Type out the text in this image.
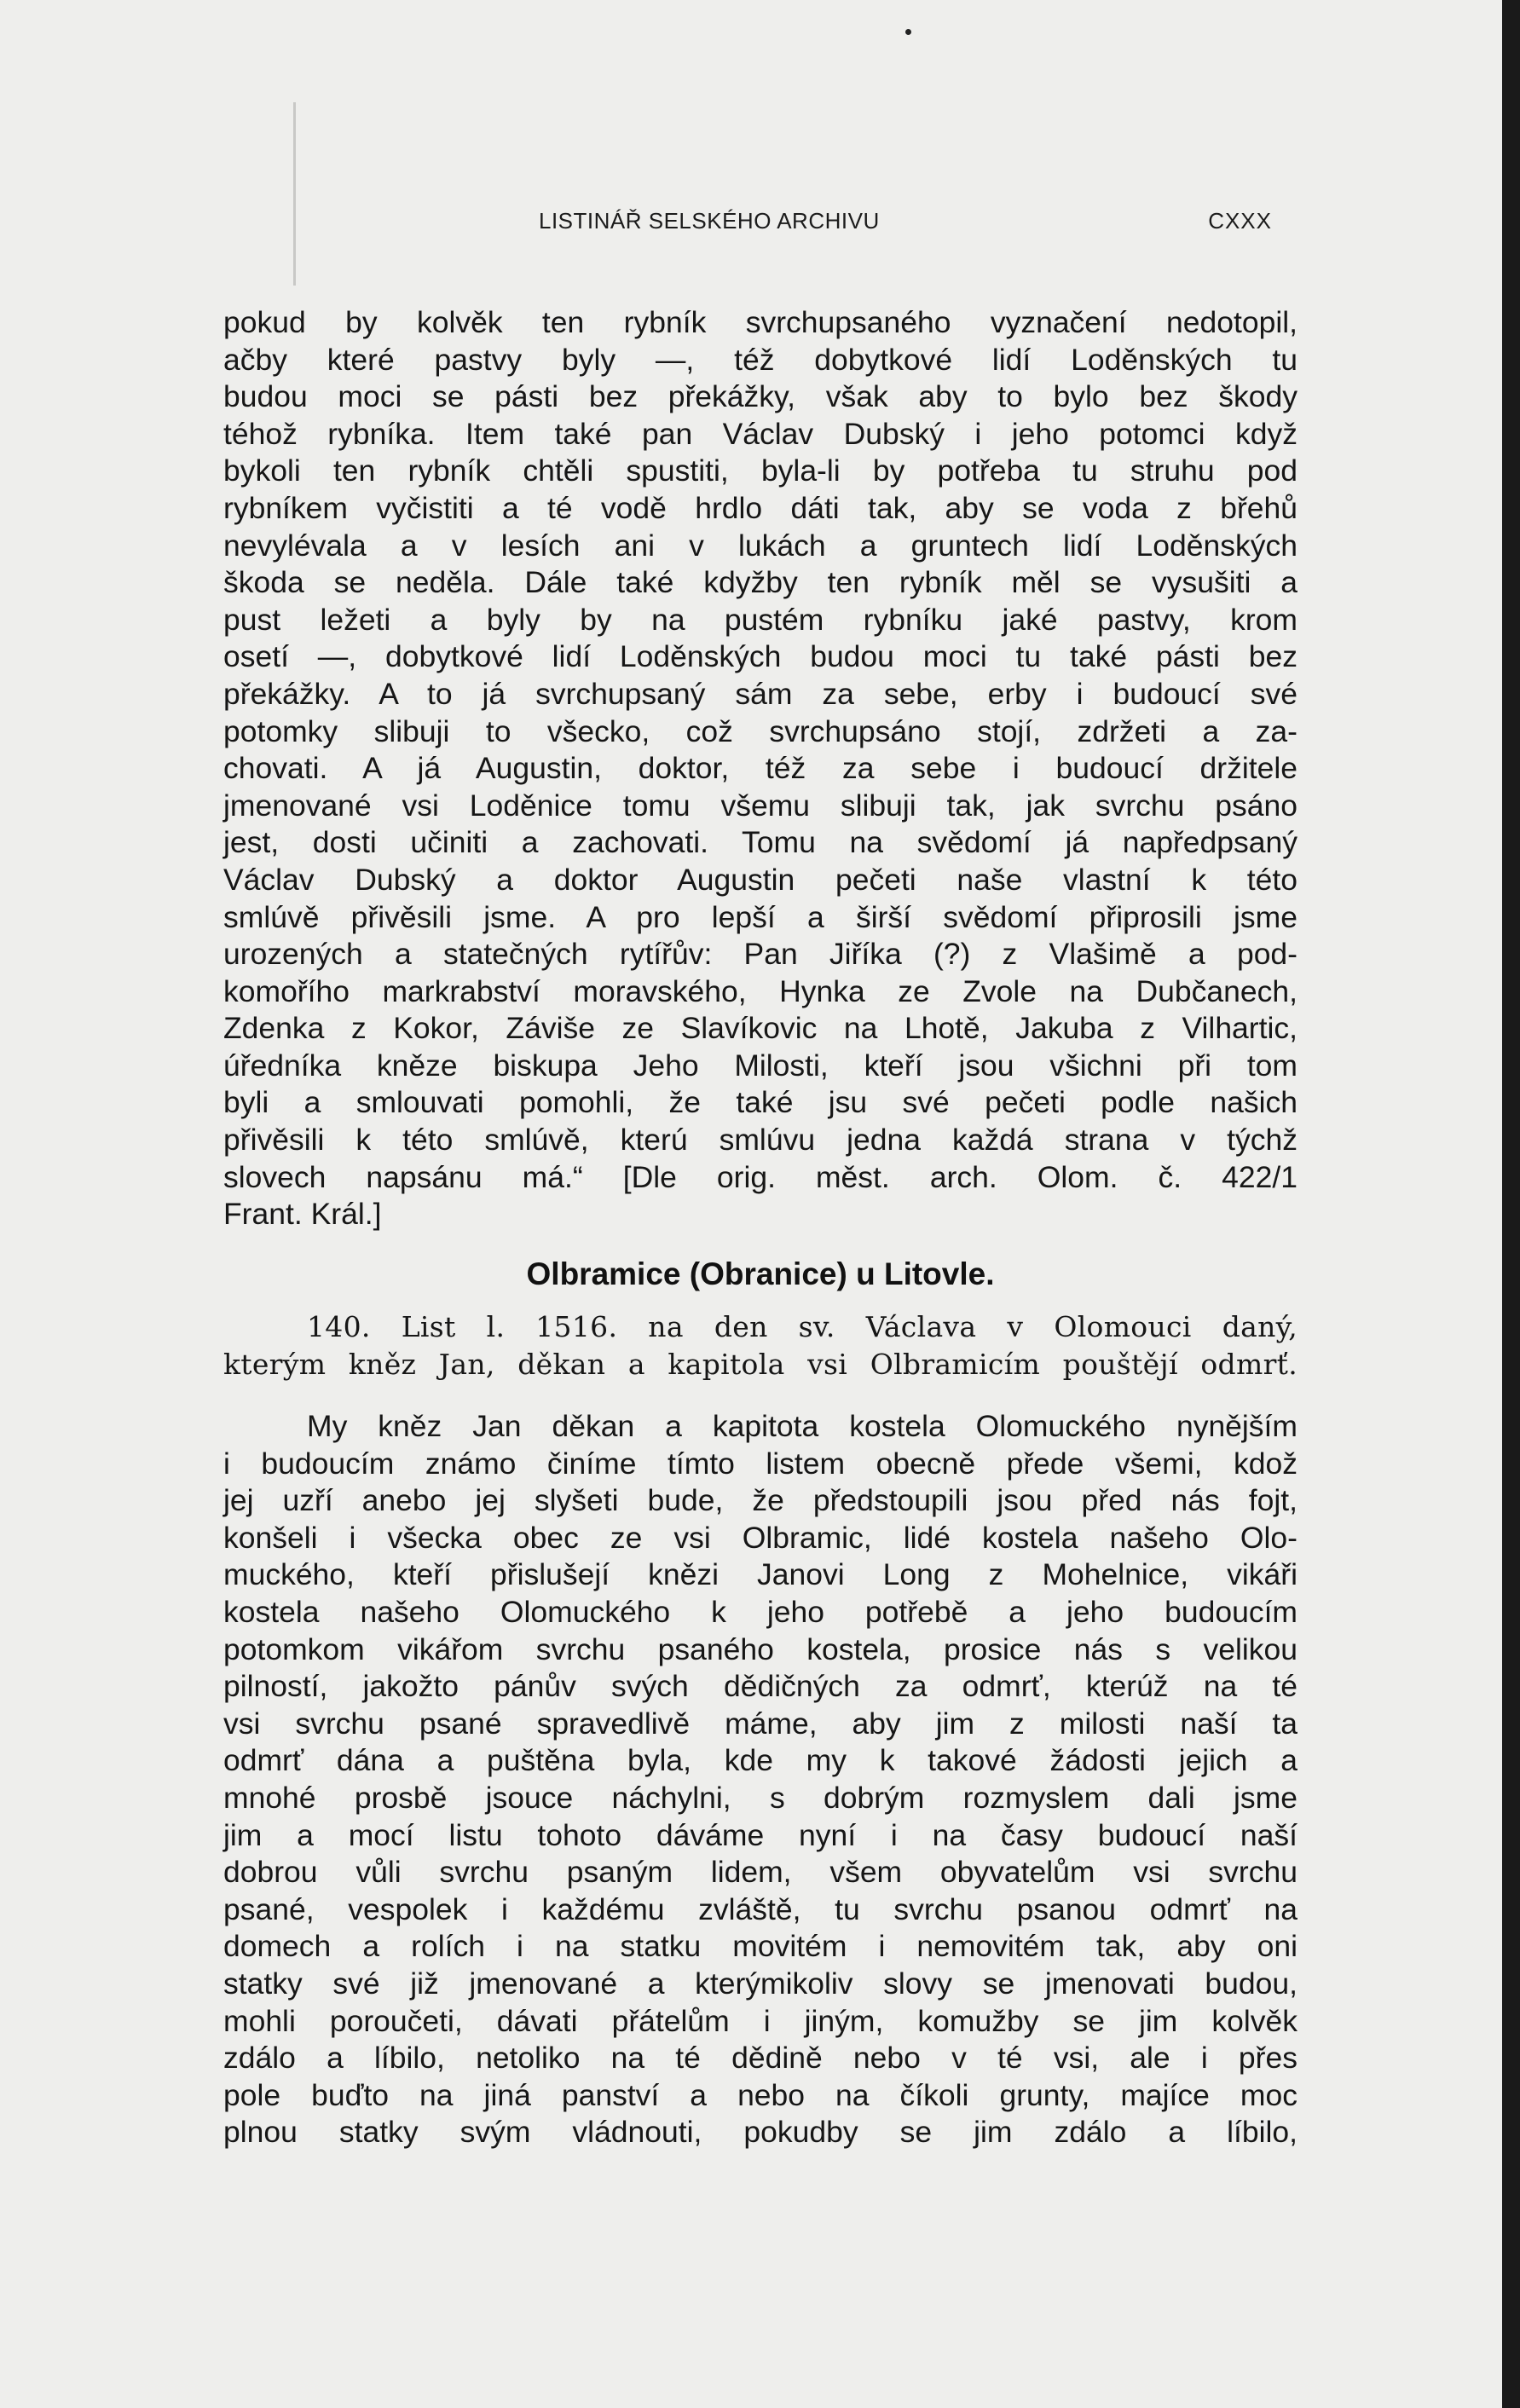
LISTINÁŘ SELSKÉHO ARCHIVU	CXXX
pokud by kolvěk ten rybník svrchupsaného vyznačení nedotopil,
ačby které pastvy byly —, též dobytkové lidí Loděnských tu
budou moci se pásti bez překážky, však aby to bylo bez škody
téhož rybníka. Item také pan Václav Dubský i jeho potomci když
bykoli ten rybník chtěli spustiti, byla-li by potřeba tu struhu pod
rybníkem vyčistiti a té vodě hrdlo dáti tak, aby se voda z břehů
nevylévala a v lesích ani v lukách a gruntech lidí Loděnských
škoda se neděla. Dále také kdyžby ten rybník měl se vysušiti a
pust ležeti a byly by na pustém rybníku jaké pastvy, krom
osetí —, dobytkové lidí Loděnských budou moci tu také pásti bez
překážky. A to já svrchupsaný sám za sebe, erby i budoucí své
potomky slibuji to všecko, což svrchupsáno stojí, zdržeti a za-
chovati. A já Augustin, doktor, též za sebe i budoucí držitele
jmenované vsi Loděnice tomu všemu slibuji tak, jak svrchu psáno
jest, dosti učiniti a zachovati. Tomu na svědomí já napředpsaný
Václav Dubský a doktor Augustin pečeti naše vlastní k této
smlúvě přivěsili jsme. A pro lepší a širší svědomí připrosili jsme
urozených a statečných rytířův: Pan Jiříka (?) z Vlašimě a pod-
komořího markrabství moravského, Hynka ze Zvole na Dubčanech,
Zdenka z Kokor, Záviše ze Slavíkovic na Lhotě, Jakuba z Vilhartic,
úředníka kněze biskupa Jeho Milosti, kteří jsou všichni při tom
byli a smlouvati pomohli, že také jsu své pečeti podle našich
přivěsili k této smlúvě, kterú smlúvu jedna každá strana v týchž
slovech napsánu má.“ [Dle orig. měst. arch. Olom. č. 422/1
Frant. Král.]
Olbramice (Obranice) u Litovle.
140. List l. 1516. na den sv. Václava v Olomouci daný,
kterým kněz Jan, děkan a kapitola vsi Olbramicím pouštějí odmrť.
My kněz Jan děkan a kapitota kostela Olomuckého nynějším
i budoucím známo činíme tímto listem obecně přede všemi, kdož
jej uzří anebo jej slyšeti bude, že předstoupili jsou před nás fojt,
konšeli i všecka obec ze vsi Olbramic, lidé kostela našeho Olo-
muckého, kteří přislušejí knězi Janovi Long z Mohelnice, vikáři
kostela našeho Olomuckého k jeho potřebě a jeho budoucím
potomkom vikářom svrchu psaného kostela, prosice nás s velikou
pilností, jakožto pánův svých dědičných za odmrť, kterúž na té
vsi svrchu psané spravedlivě máme, aby jim z milosti naší ta
odmrť dána a puštěna byla, kde my k takové žádosti jejich a
mnohé prosbě jsouce náchylni, s dobrým rozmyslem dali jsme
jim a mocí listu tohoto dáváme nyní i na časy budoucí naší
dobrou vůli svrchu psaným lidem, všem obyvatelům vsi svrchu
psané, vespolek i každému zvláště, tu svrchu psanou odmrť na
domech a rolích i na statku movitém i nemovitém tak, aby oni
statky své již jmenované a kterýmikoliv slovy se jmenovati budou,
mohli poroučeti, dávati přátelům i jiným, komužby se jim kolvěk
zdálo a líbilo, netoliko na té dědině nebo v té vsi, ale i přes
pole buďto na jiná panství a nebo na číkoli grunty, majíce moc
plnou statky svým vládnouti, pokudby se jim zdálo a líbilo,
